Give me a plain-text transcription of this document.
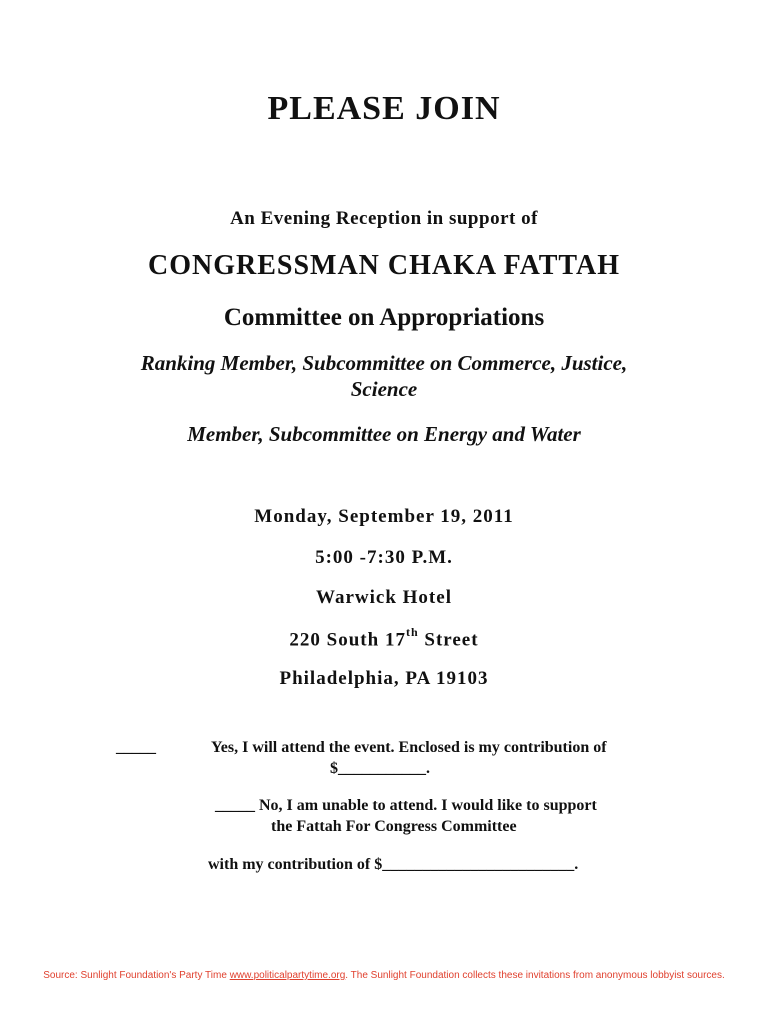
PLEASE JOIN
An Evening Reception in support of
CONGRESSMAN CHAKA FATTAH
Committee on Appropriations
Ranking Member, Subcommittee on Commerce, Justice,
Science
Member, Subcommittee on Energy and Water
Monday, September 19, 2011
5:00 -7:30 P.M.
Warwick Hotel
220 South 17th Street
Philadelphia, PA 19103
_____	Yes, I will attend the event. Enclosed is my contribution of
$___________.
_____ No, I am unable to attend. I would like to support
the Fattah For Congress Committee
with my contribution of $________________________.
Source: Sunlight Foundation's Party Time www.politicalpartytime.org. The Sunlight Foundation collects these invitations from anonymous lobbyist sources.
